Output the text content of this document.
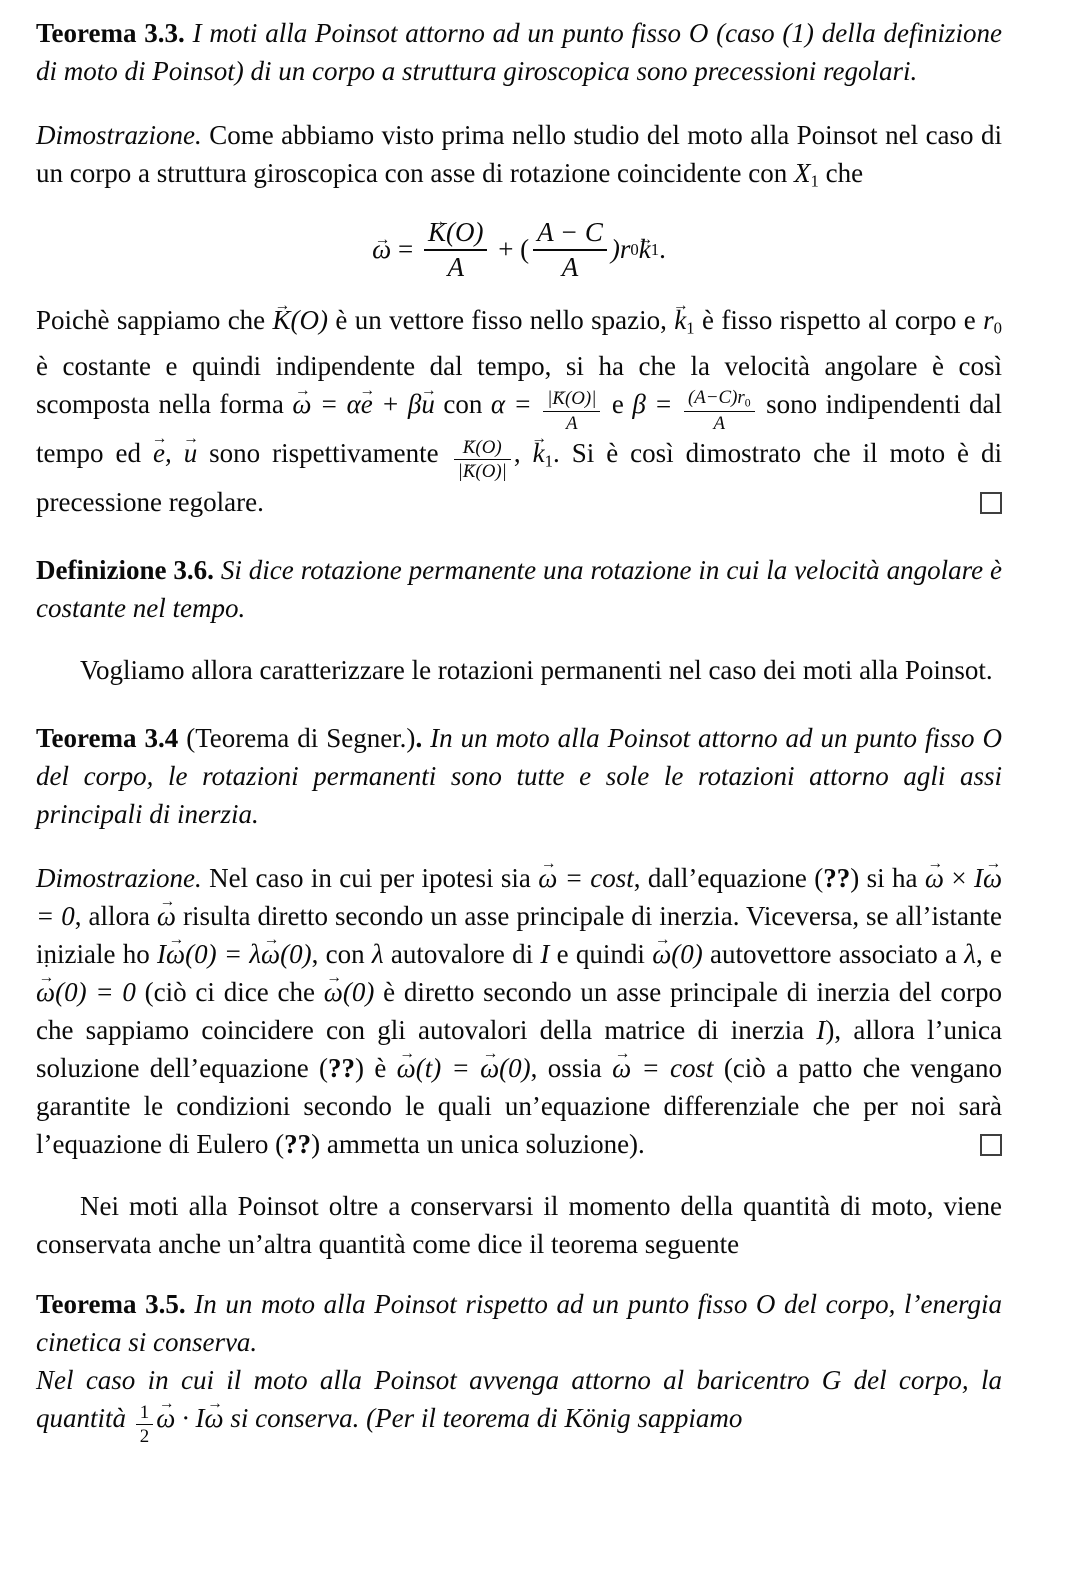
Teorema 3.3. I moti alla Poinsot attorno ad un punto fisso O (caso (1) della definizione di moto di Poinsot) di un corpo a struttura giroscopica sono precessioni regolari.

Dimostrazione. Come abbiamo visto prima nello studio del moto alla Poinsot nel caso di un corpo a struttura giroscopica con asse di rotazione coincidente con $X_1$ che

ω → = $\frac{K \to(O)}{A}$ + ( $\frac{A - C}{A} )r$ 0 k → 1 .

Poichè sappiamo che K →(O) è un vettore fisso nello spazio, $k \to_1$ è fisso rispetto al corpo e $r_0$ è costante e quindi indipendente dal tempo, si ha che la velocità angolare è così scomposta nella forma ω → = αe → + βu → con $\alpha = \frac{|K \to(O)|}{A}$ e $\beta = \frac{(A-C)r_0}{A}$ sono indipendenti dal tempo ed e →, u → sono rispettivamente $\frac{K \to(O)}{|K \to(O)|}$ , $k \to_1$. Si è così dimostrato che il moto è di precessione regolare.

Definizione 3.6. Si dice rotazione permanente una rotazione in cui la velocità angolare è costante nel tempo.

Vogliamo allora caratterizzare le rotazioni permanenti nel caso dei moti alla Poinsot.

Teorema 3.4 (Teorema di Segner.). In un moto alla Poinsot attorno ad un punto fisso O del corpo, le rotazioni permanenti sono tutte e sole le rotazioni attorno agli assi principali di inerzia.

Dimostrazione. Nel caso in cui per ipotesi sia ω → = cost, dall’equazione (??) si ha ω → × Iω → = 0, allora ω → risulta diretto secondo un asse principale di inerzia. Viceversa, se all’istante iniziale ho Iω →(0) = λω →(0), con λ autovalore di I e quindi ω →(0) autovettore associato a λ, e ˙ ω →(0) = 0 (ciò ci dice che ω →(0) è diretto secondo un asse principale di inerzia del corpo che sappiamo coincidere con gli autovalori della matrice di inerzia I), allora l’unica soluzione dell’equazione (??) è ω →(t) = ω →(0), ossia ω → = cost (ciò a patto che vengano garantite le condizioni secondo le quali un’equazione differenziale che per noi sarà l’equazione di Eulero (??) ammetta un unica soluzione).

Nei moti alla Poinsot oltre a conservarsi il momento della quantità di moto, viene conservata anche un’altra quantità come dice il teorema seguente

Teorema 3.5. In un moto alla Poinsot rispetto ad un punto fisso O del corpo, l’energia cinetica si conserva.
Nel caso in cui il moto alla Poinsot avvenga attorno al baricentro G del corpo, la quantità $\frac{1}{2}$ ω → · Iω → si conserva. (Per il teorema di König sappiamo
